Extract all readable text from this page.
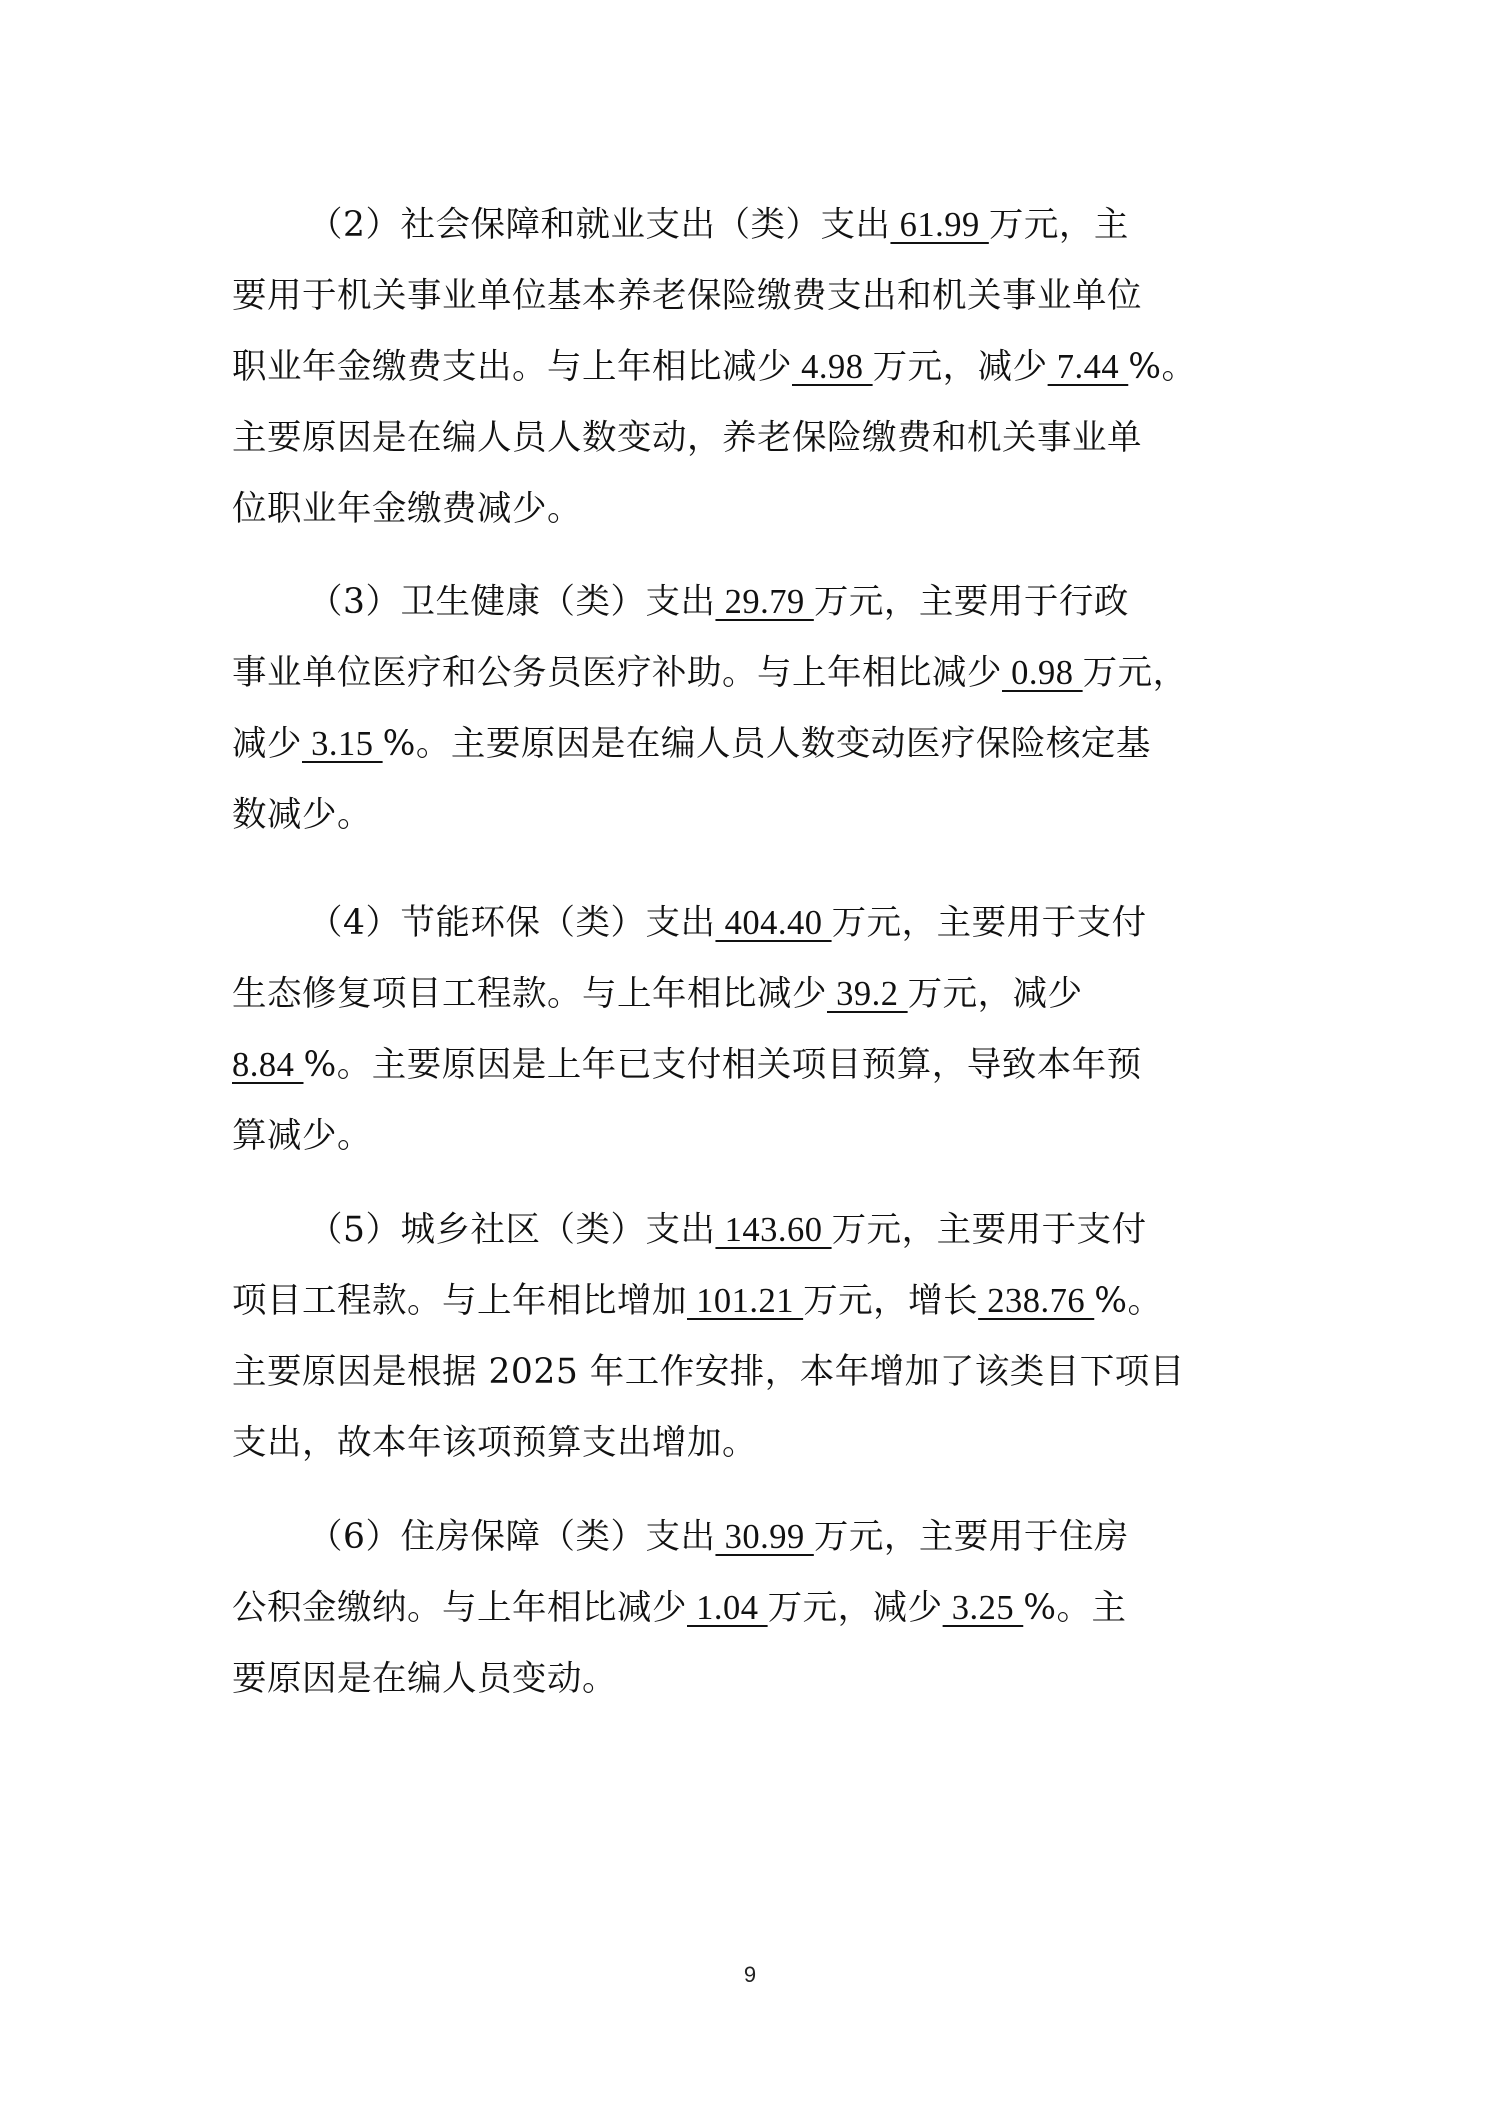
（2）社会保障和就业支出（类）支出 61.99 万元，主
要用于机关事业单位基本养老保险缴费支出和机关事业单位
职业年金缴费支出。与上年相比减少 4.98 万元，减少 7.44 %。
主要原因是在编人员人数变动，养老保险缴费和机关事业单
位职业年金缴费减少。
（3）卫生健康（类）支出 29.79 万元，主要用于行政
事业单位医疗和公务员医疗补助。与上年相比减少 0.98 万元，
减少 3.15 %。主要原因是在编人员人数变动医疗保险核定基
数减少。
（4）节能环保（类）支出 404.40 万元，主要用于支付
生态修复项目工程款。与上年相比减少 39.2 万元，减少
8.84 %。主要原因是上年已支付相关项目预算，导致本年预
算减少。
（5）城乡社区（类）支出 143.60 万元，主要用于支付
项目工程款。与上年相比增加 101.21 万元，增长 238.76 %。
主要原因是根据 2025 年工作安排，本年增加了该类目下项目
支出，故本年该项预算支出增加。
（6）住房保障（类）支出 30.99 万元，主要用于住房
公积金缴纳。与上年相比减少 1.04 万元，减少 3.25 %。主
要原因是在编人员变动。
9
